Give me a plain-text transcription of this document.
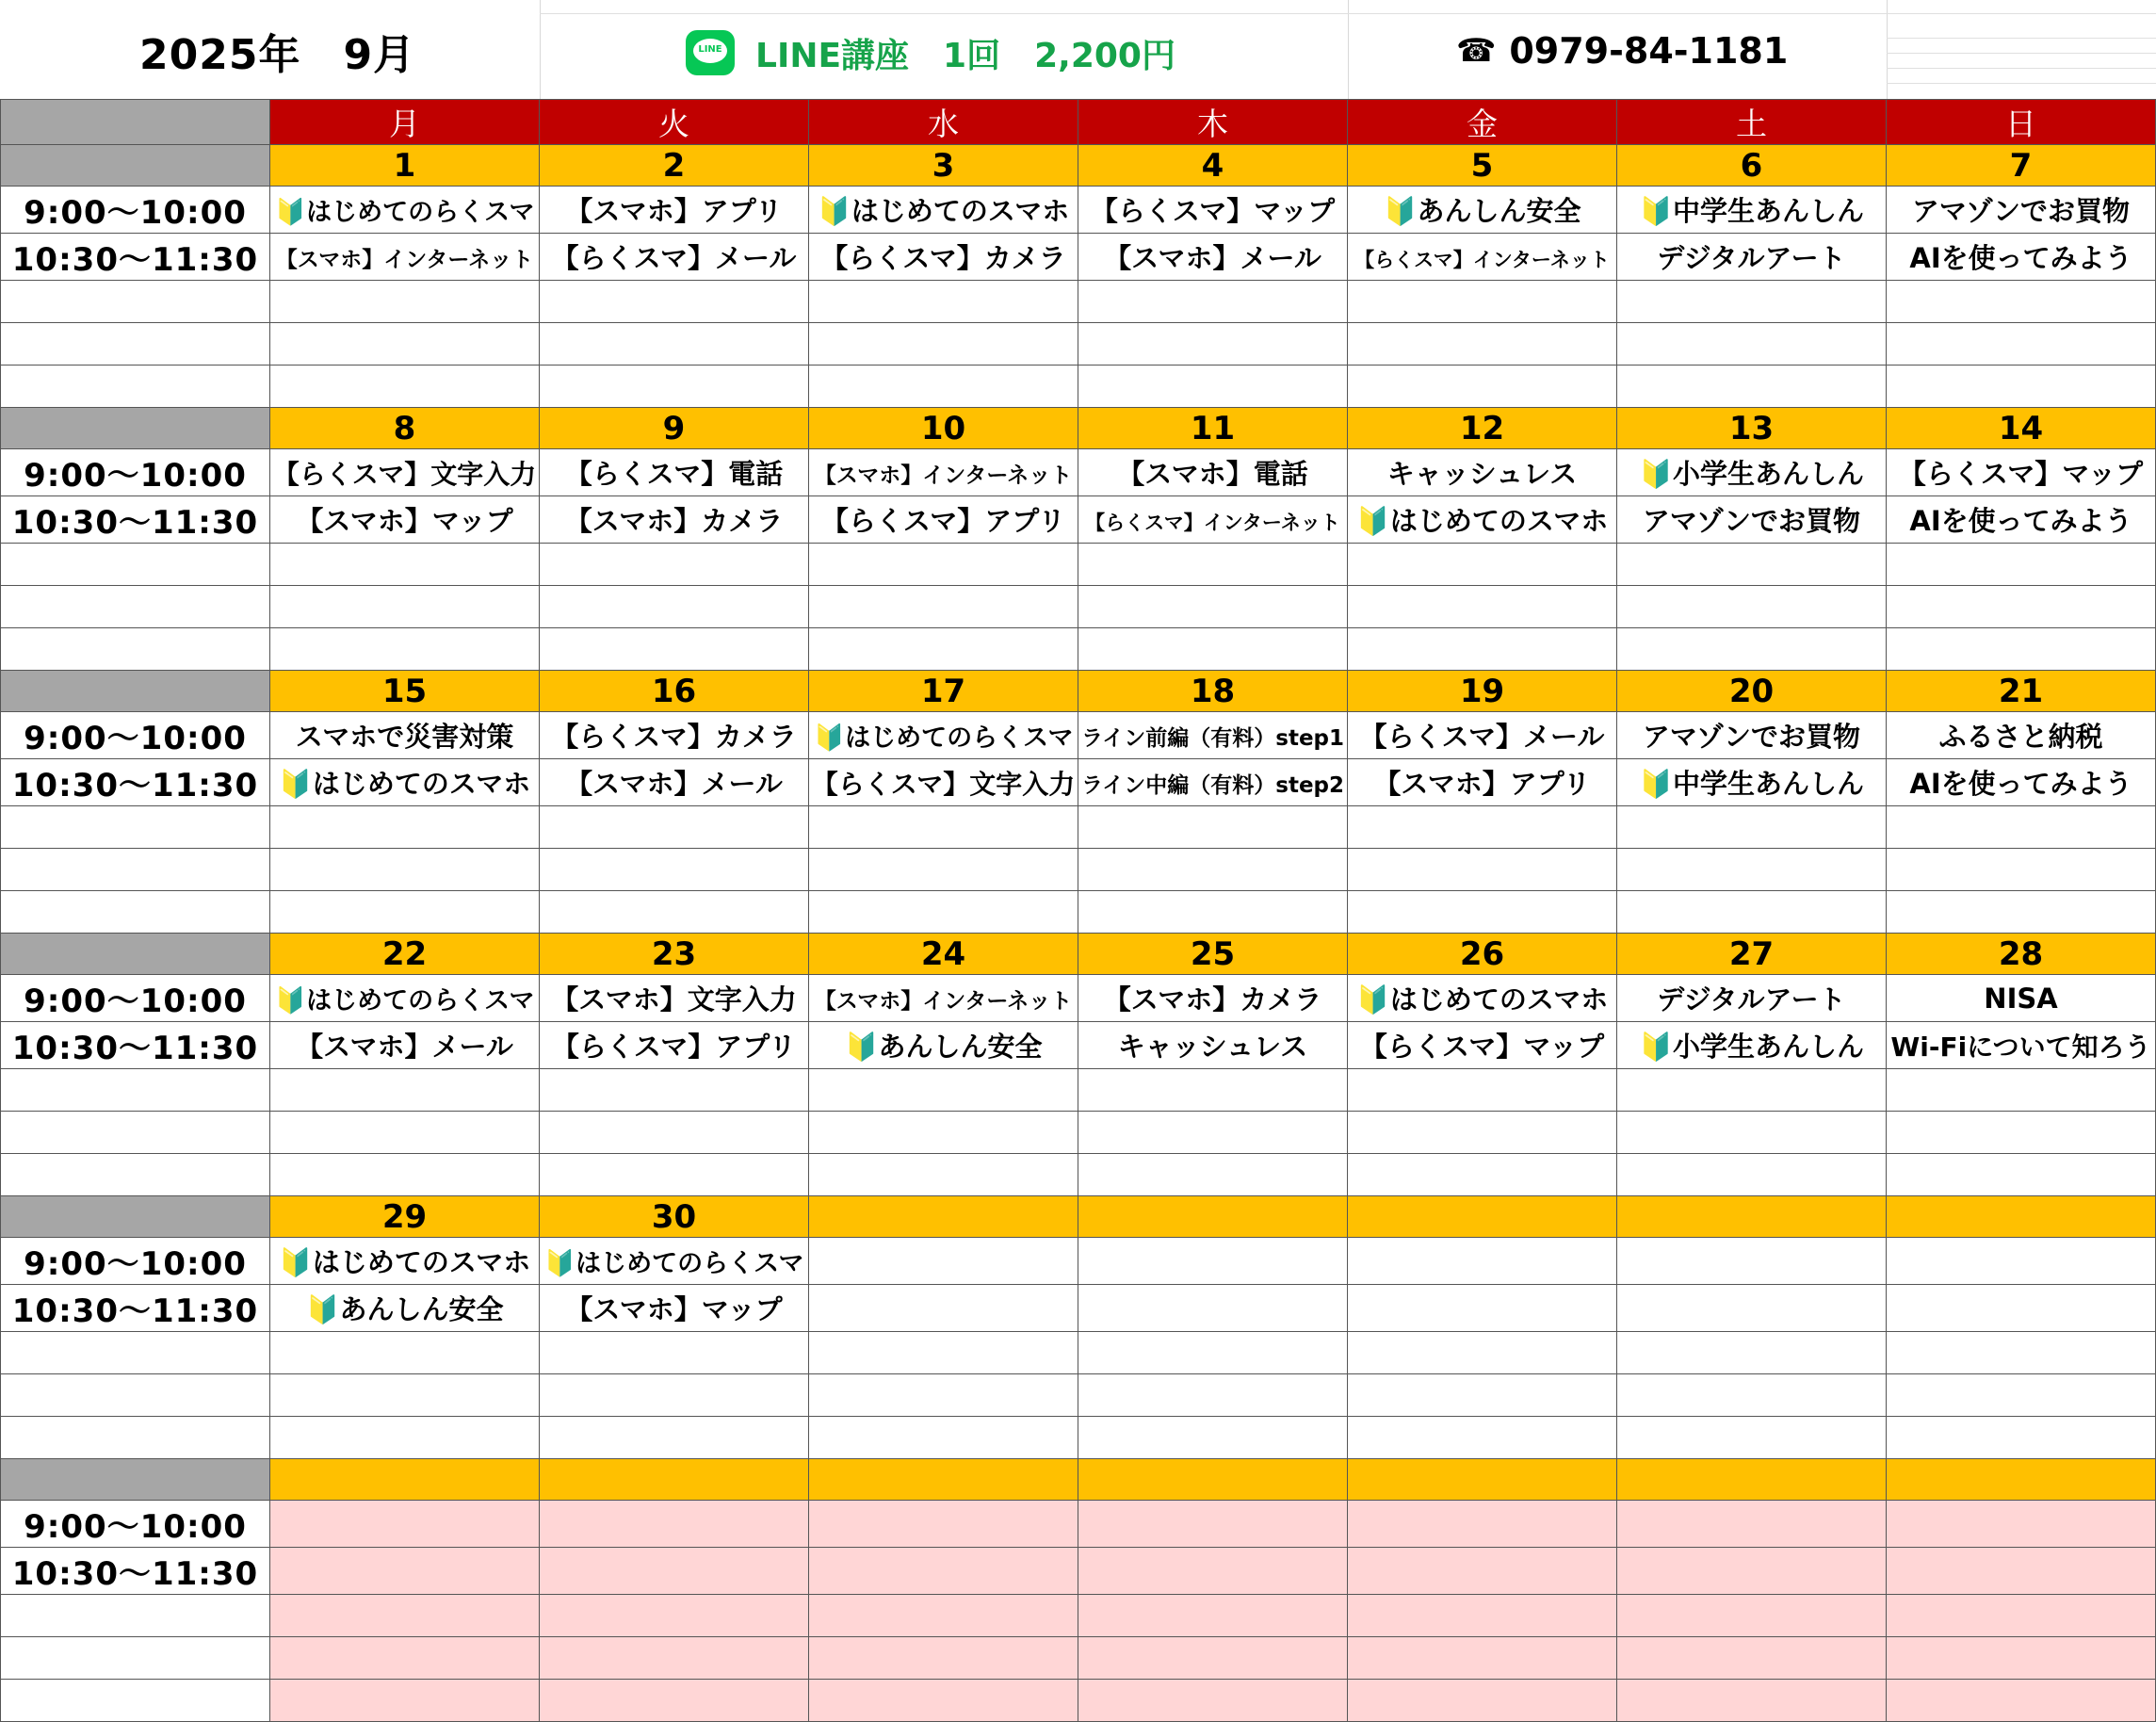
2025年　9月	LINE LINE講座　1回　2,200円	☎ 0979-84-1181
	月	火	水	木	金	土	日
	1	2	3	4	5	6	7
9:00～10:00	🔰はじめてのらくスマ	【スマホ】アプリ	🔰はじめてのスマホ	【らくスマ】マップ	🔰あんしん安全	🔰中学生あんしん	アマゾンでお買物
10:30～11:30	【スマホ】インターネット	【らくスマ】メール	【らくスマ】カメラ	【スマホ】メール	【らくスマ】インターネット	デジタルアート	AIを使ってみよう

	8	9	10	11	12	13	14
9:00～10:00	【らくスマ】文字入力	【らくスマ】電話	【スマホ】インターネット	【スマホ】電話	キャッシュレス	🔰小学生あんしん	【らくスマ】マップ
10:30～11:30	【スマホ】マップ	【スマホ】カメラ	【らくスマ】アプリ	【らくスマ】インターネット	🔰はじめてのスマホ	アマゾンでお買物	AIを使ってみよう

	15	16	17	18	19	20	21
9:00～10:00	スマホで災害対策	【らくスマ】カメラ	🔰はじめてのらくスマ	ライン前編（有料）step1	【らくスマ】メール	アマゾンでお買物	ふるさと納税
10:30～11:30	🔰はじめてのスマホ	【スマホ】メール	【らくスマ】文字入力	ライン中編（有料）step2	【スマホ】アプリ	🔰中学生あんしん	AIを使ってみよう

	22	23	24	25	26	27	28
9:00～10:00	🔰はじめてのらくスマ	【スマホ】文字入力	【スマホ】インターネット	【スマホ】カメラ	🔰はじめてのスマホ	デジタルアート	NISA
10:30～11:30	【スマホ】メール	【らくスマ】アプリ	🔰あんしん安全	キャッシュレス	【らくスマ】マップ	🔰小学生あんしん	Wi-Fiについて知ろう

	29	30					
9:00～10:00	🔰はじめてのスマホ	🔰はじめてのらくスマ					
10:30～11:30	🔰あんしん安全	【スマホ】マップ					

9:00～10:00							
10:30～11:30							
